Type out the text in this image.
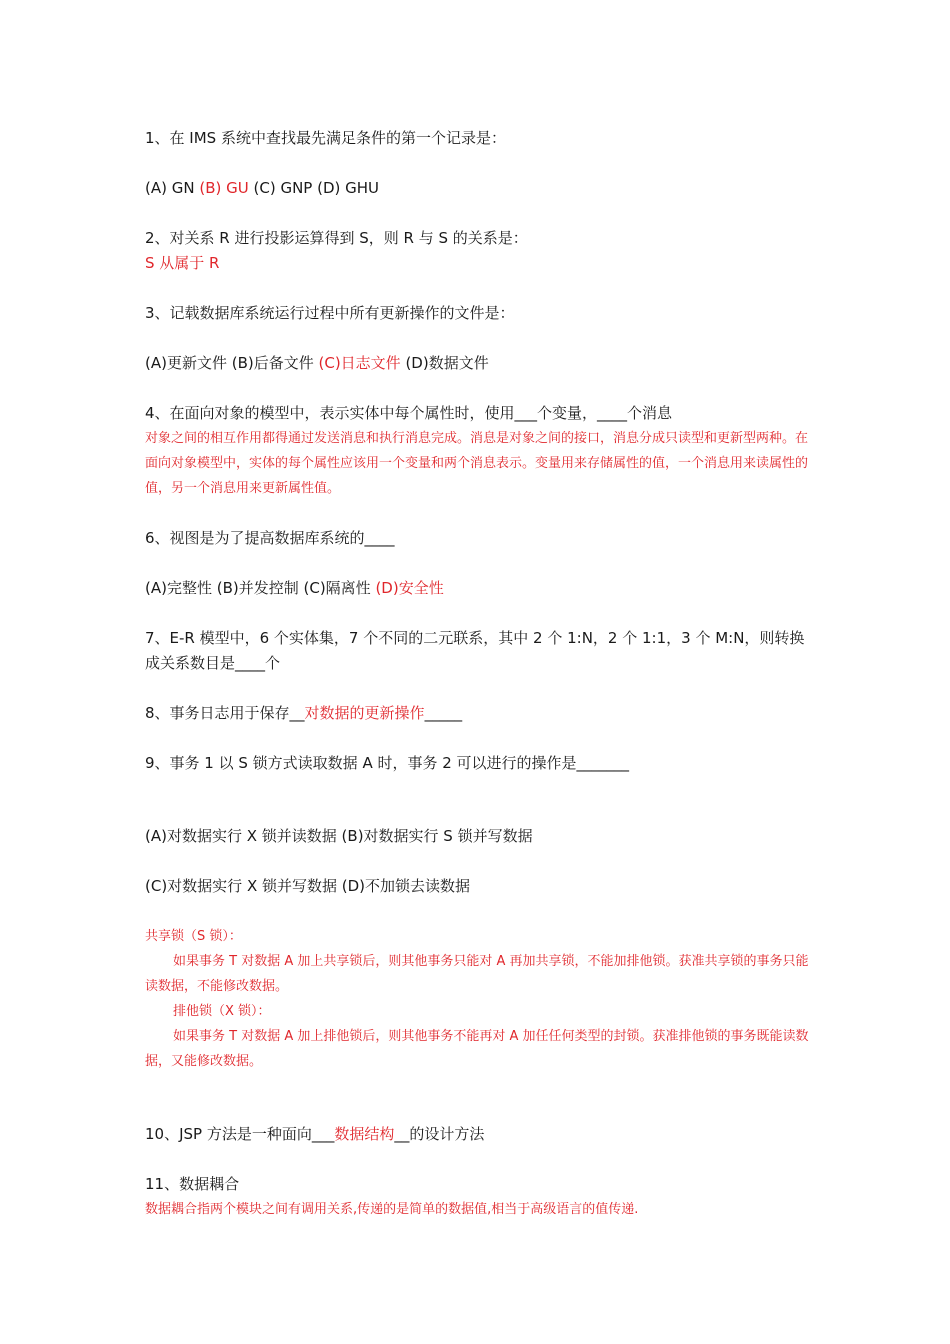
1、在 IMS 系统中查找最先满足条件的第一个记录是：
(A) GN (B) GU (C) GNP (D) GHU
2、对关系 R 进行投影运算得到 S，则 R 与 S 的关系是：
S 从属于 R
3、记载数据库系统运行过程中所有更新操作的文件是：
(A)更新文件 (B)后备文件 (C)日志文件 (D)数据文件
4、在面向对象的模型中，表示实体中每个属性时，使用___个变量，____个消息
对象之间的相互作用都得通过发送消息和执行消息完成。消息是对象之间的接口，消息分成只读型和更新型两种。在面向对象模型中，实体的每个属性应该用一个变量和两个消息表示。变量用来存储属性的值，一个消息用来读属性的值，另一个消息用来更新属性值。
6、视图是为了提高数据库系统的____
(A)完整性 (B)并发控制 (C)隔离性 (D)安全性
7、E-R 模型中，6 个实体集，7 个不同的二元联系，其中 2 个 1:N，2 个 1:1，3 个 M:N，则转换成关系数目是____个
8、事务日志用于保存__对数据的更新操作_____
9、事务 1 以 S 锁方式读取数据 A 时，事务 2 可以进行的操作是_______
(A)对数据实行 X 锁并读数据 (B)对数据实行 S 锁并写数据
(C)对数据实行 X 锁并写数据 (D)不加锁去读数据
共享锁（S 锁）：
如果事务 T 对数据 A 加上共享锁后，则其他事务只能对 A 再加共享锁，不能加排他锁。获准共享锁的事务只能读数据，不能修改数据。
排他锁（X 锁）：
如果事务 T 对数据 A 加上排他锁后，则其他事务不能再对 A 加任任何类型的封锁。获准排他锁的事务既能读数据，又能修改数据。
10、JSP 方法是一种面向___数据结构__的设计方法
11、数据耦合
数据耦合指两个模块之间有调用关系,传递的是简单的数据值,相当于高级语言的值传递.
